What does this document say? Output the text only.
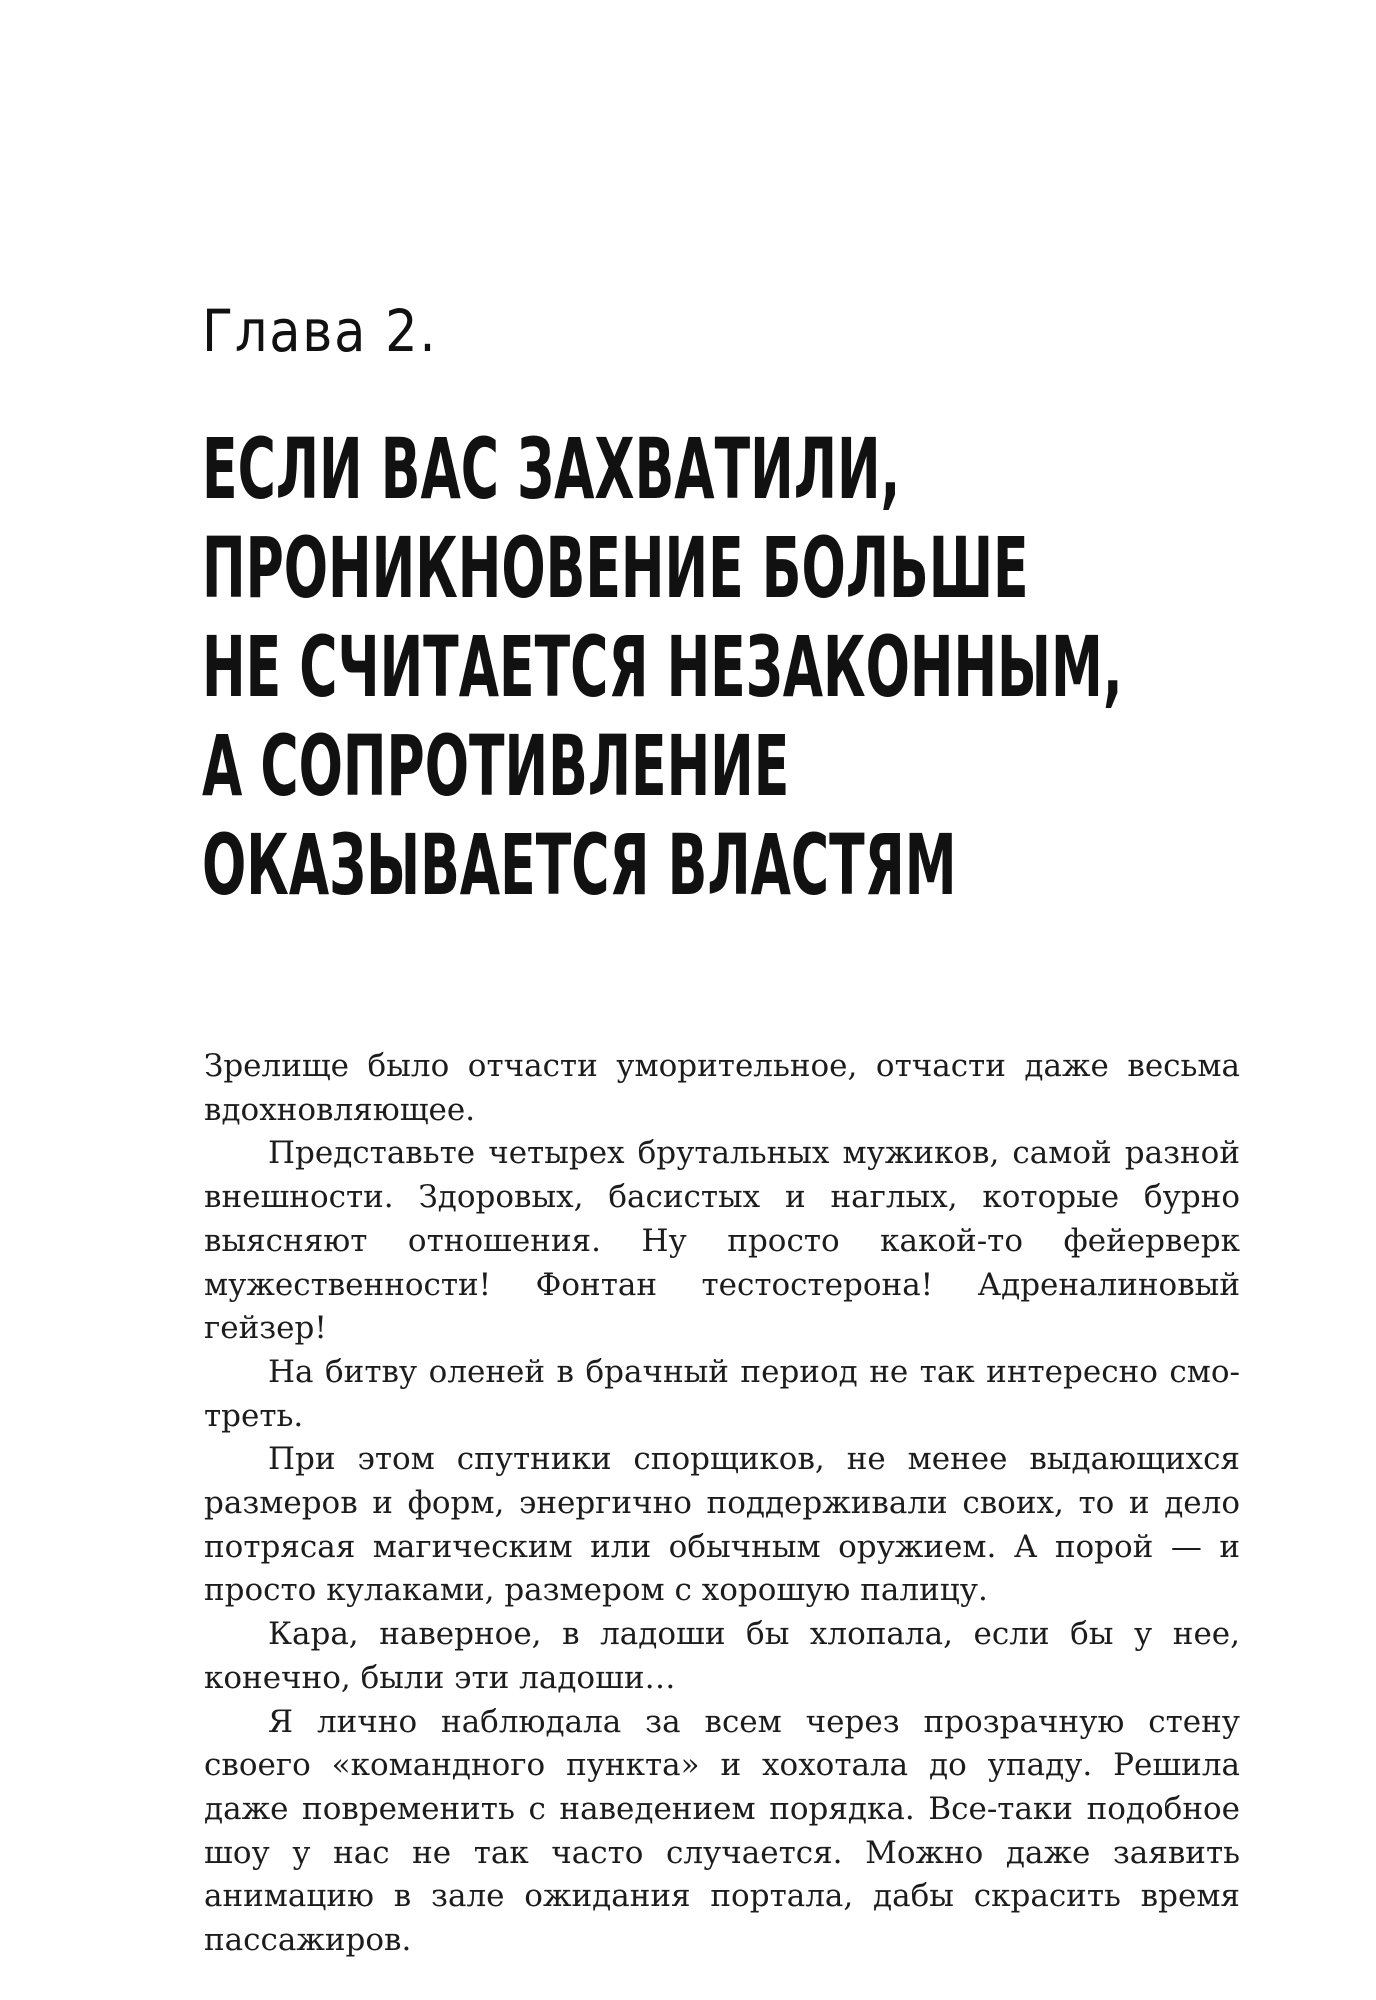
Глава 2.
ЕСЛИ ВАС ЗАХВАТИЛИ,
ПРОНИКНОВЕНИЕ БОЛЬШЕ
НЕ СЧИТАЕТСЯ НЕЗАКОННЫМ,
А СОПРОТИВЛЕНИЕ
ОКАЗЫВАЕТСЯ ВЛАСТЯМ

Зрелище было отчасти уморительное, отчасти даже весьма вдохновляющее.

Представьте четырех брутальных мужиков, самой разной внешности. Здоровых, басистых и наглых, которые бурно выясняют отношения. Ну просто какой-то фейерверк мужественности! Фонтан тестостерона! Адреналиновый гейзер!

На битву оленей в брачный период не так интересно смотреть.

При этом спутники спорщиков, не менее выдающихся размеров и форм, энергично поддерживали своих, то и дело потрясая магическим или обычным оружием. А порой — и просто кулаками, размером с хорошую палицу.

Кара, наверное, в ладоши бы хлопала, если бы у нее, конечно, были эти ладоши…

Я лично наблюдала за всем через прозрачную стену своего «командного пункта» и хохотала до упаду. Решила даже повременить с наведением порядка. Все-таки подобное шоу у нас не так часто случается. Можно даже заявить анимацию в зале ожидания портала, дабы скрасить время пассажиров.
